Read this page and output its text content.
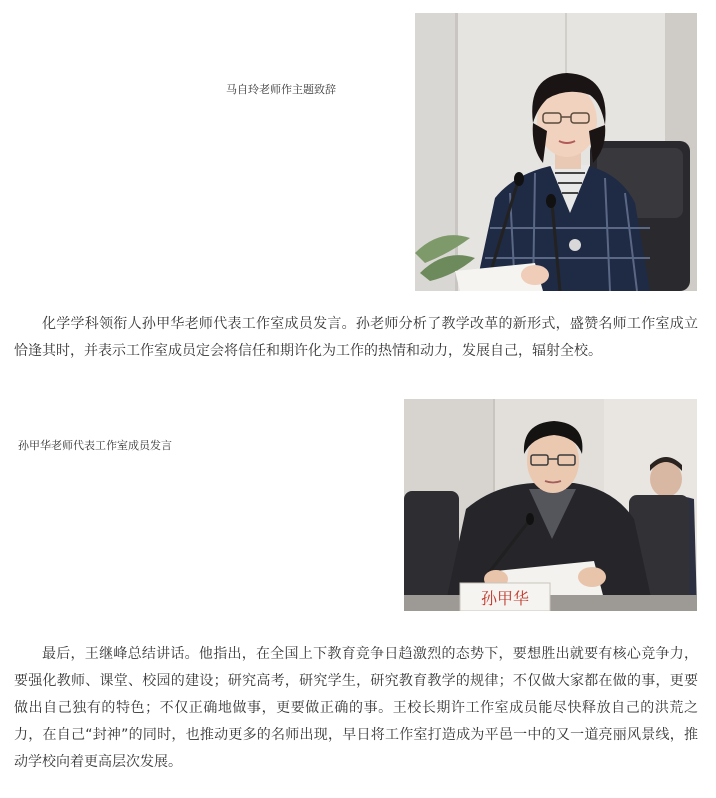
马自玲老师作主题致辞

化学学科领衔人孙甲华老师代表工作室成员发言。孙老师分析了教学改革的新形式，盛赞名师工作室成立恰逢其时，并表示工作室成员定会将信任和期许化为工作的热情和动力，发展自己，辐射全校。

孙甲华老师代表工作室成员发言
孙甲华

最后，王继峰总结讲话。他指出，在全国上下教育竞争日趋激烈的态势下，要想胜出就要有核心竞争力，要强化教师、课堂、校园的建设；研究高考，研究学生，研究教育教学的规律；不仅做大家都在做的事，更要做出自己独有的特色；不仅正确地做事，更要做正确的事。王校长期许工作室成员能尽快释放自己的洪荒之力，在自己“封神”的同时，也推动更多的名师出现，早日将工作室打造成为平邑一中的又一道亮丽风景线，推动学校向着更高层次发展。
